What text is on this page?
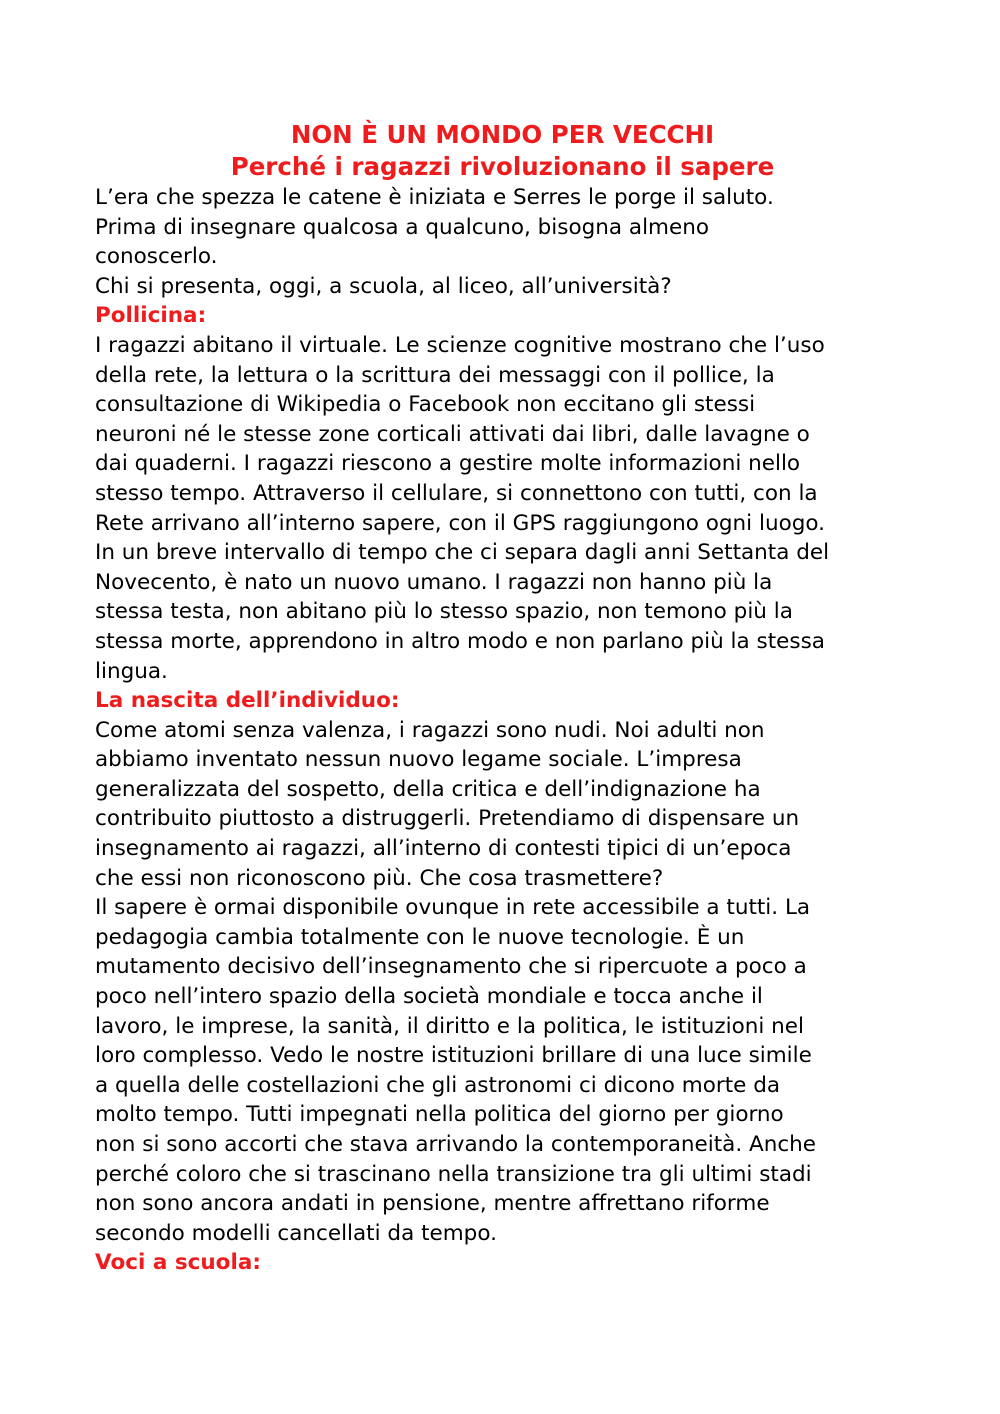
NON È UN MONDO PER VECCHI
Perché i ragazzi rivoluzionano il sapere

L’era che spezza le catene è iniziata e Serres le porge il saluto.

Prima di insegnare qualcosa a qualcuno, bisogna almeno

conoscerlo.

Chi si presenta, oggi, a scuola, al liceo, all’università?

Pollicina:

I ragazzi abitano il virtuale. Le scienze cognitive mostrano che l’uso

della rete, la lettura o la scrittura dei messaggi con il pollice, la

consultazione di Wikipedia o Facebook non eccitano gli stessi

neuroni né le stesse zone corticali attivati dai libri, dalle lavagne o

dai quaderni. I ragazzi riescono a gestire molte informazioni nello

stesso tempo. Attraverso il cellulare, si connettono con tutti, con la

Rete arrivano all’interno sapere, con il GPS raggiungono ogni luogo.

In un breve intervallo di tempo che ci separa dagli anni Settanta del

Novecento, è nato un nuovo umano. I ragazzi non hanno più la

stessa testa, non abitano più lo stesso spazio, non temono più la

stessa morte, apprendono in altro modo e non parlano più la stessa

lingua.

La nascita dell’individuo:

Come atomi senza valenza, i ragazzi sono nudi. Noi adulti non

abbiamo inventato nessun nuovo legame sociale. L’impresa

generalizzata del sospetto, della critica e dell’indignazione ha

contribuito piuttosto a distruggerli. Pretendiamo di dispensare un

insegnamento ai ragazzi, all’interno di contesti tipici di un’epoca

che essi non riconoscono più. Che cosa trasmettere?

Il sapere è ormai disponibile ovunque in rete accessibile a tutti. La

pedagogia cambia totalmente con le nuove tecnologie. È un

mutamento decisivo dell’insegnamento che si ripercuote a poco a

poco nell’intero spazio della società mondiale e tocca anche il

lavoro, le imprese, la sanità, il diritto e la politica, le istituzioni nel

loro complesso. Vedo le nostre istituzioni brillare di una luce simile

a quella delle costellazioni che gli astronomi ci dicono morte da

molto tempo. Tutti impegnati nella politica del giorno per giorno

non si sono accorti che stava arrivando la contemporaneità. Anche

perché coloro che si trascinano nella transizione tra gli ultimi stadi

non sono ancora andati in pensione, mentre affrettano riforme

secondo modelli cancellati da tempo.

Voci a scuola:
